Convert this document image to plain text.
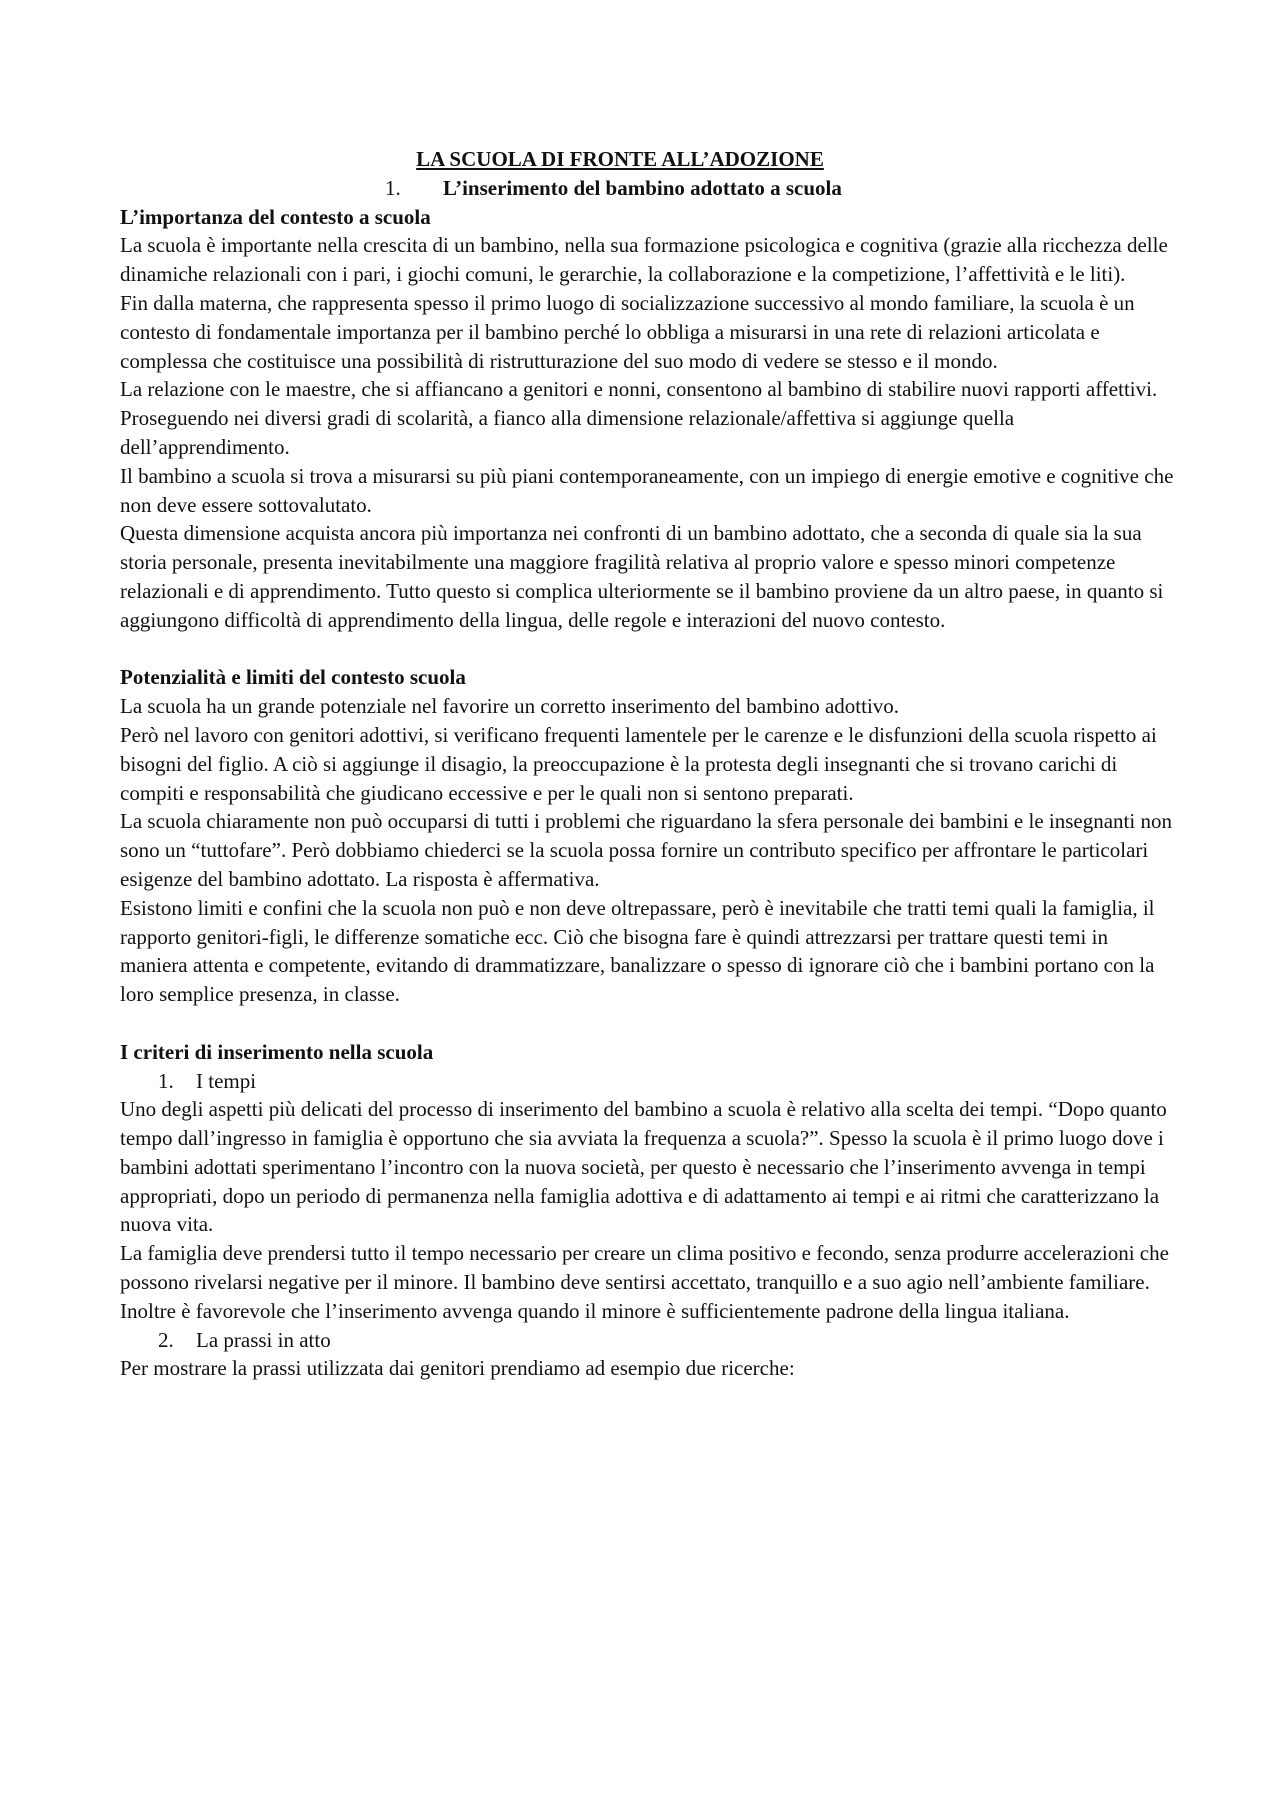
LA SCUOLA DI FRONTE ALL’ADOZIONE

1. L’inserimento del bambino adottato a scuola

L’importanza del contesto a scuola

La scuola è importante nella crescita di un bambino, nella sua formazione psicologica e cognitiva (grazie alla ricchezza delle dinamiche relazionali con i pari, i giochi comuni, le gerarchie, la collaborazione e la competizione, l’affettività e le liti).

Fin dalla materna, che rappresenta spesso il primo luogo di socializzazione successivo al mondo familiare, la scuola è un contesto di fondamentale importanza per il bambino perché lo obbliga a misurarsi in una rete di relazioni articolata e complessa che costituisce una possibilità di ristrutturazione del suo modo di vedere se stesso e il mondo.

La relazione con le maestre, che si affiancano a genitori e nonni, consentono al bambino di stabilire nuovi rapporti affettivi.

Proseguendo nei diversi gradi di scolarità, a fianco alla dimensione relazionale/affettiva si aggiunge quella dell’apprendimento.

Il bambino a scuola si trova a misurarsi su più piani contemporaneamente, con un impiego di energie emotive e cognitive che non deve essere sottovalutato.

Questa dimensione acquista ancora più importanza nei confronti di un bambino adottato, che a seconda di quale sia la sua storia personale, presenta inevitabilmente una maggiore fragilità relativa al proprio valore e spesso minori competenze relazionali e di apprendimento. Tutto questo si complica ulteriormente se il bambino proviene da un altro paese, in quanto si aggiungono difficoltà di apprendimento della lingua, delle regole e interazioni del nuovo contesto.

Potenzialità e limiti del contesto scuola

La scuola ha un grande potenziale nel favorire un corretto inserimento del bambino adottivo.

Però nel lavoro con genitori adottivi, si verificano frequenti lamentele per le carenze e le disfunzioni della scuola rispetto ai bisogni del figlio. A ciò si aggiunge il disagio, la preoccupazione è la protesta degli insegnanti che si trovano carichi di compiti e responsabilità che giudicano eccessive e per le quali non si sentono preparati.

La scuola chiaramente non può occuparsi di tutti i problemi che riguardano la sfera personale dei bambini e le insegnanti non sono un “tuttofare”. Però dobbiamo chiederci se la scuola possa fornire un contributo specifico per affrontare le particolari esigenze del bambino adottato. La risposta è affermativa.

Esistono limiti e confini che la scuola non può e non deve oltrepassare, però è inevitabile che tratti temi quali la famiglia, il rapporto genitori-figli, le differenze somatiche ecc. Ciò che bisogna fare è quindi attrezzarsi per trattare questi temi in maniera attenta e competente, evitando di drammatizzare, banalizzare o spesso di ignorare ciò che i bambini portano con la loro semplice presenza, in classe.

I criteri di inserimento nella scuola

1. I tempi

Uno degli aspetti più delicati del processo di inserimento del bambino a scuola è relativo alla scelta dei tempi. “Dopo quanto tempo dall’ingresso in famiglia è opportuno che sia avviata la frequenza a scuola?”. Spesso la scuola è il primo luogo dove i bambini adottati sperimentano l’incontro con la nuova società, per questo è necessario che l’inserimento avvenga in tempi appropriati, dopo un periodo di permanenza nella famiglia adottiva e di adattamento ai tempi e ai ritmi che caratterizzano la nuova vita.

La famiglia deve prendersi tutto il tempo necessario per creare un clima positivo e fecondo, senza produrre accelerazioni che possono rivelarsi negative per il minore. Il bambino deve sentirsi accettato, tranquillo e a suo agio nell’ambiente familiare. Inoltre è favorevole che l’inserimento avvenga quando il minore è sufficientemente padrone della lingua italiana.

2. La prassi in atto

Per mostrare la prassi utilizzata dai genitori prendiamo ad esempio due ricerche:
